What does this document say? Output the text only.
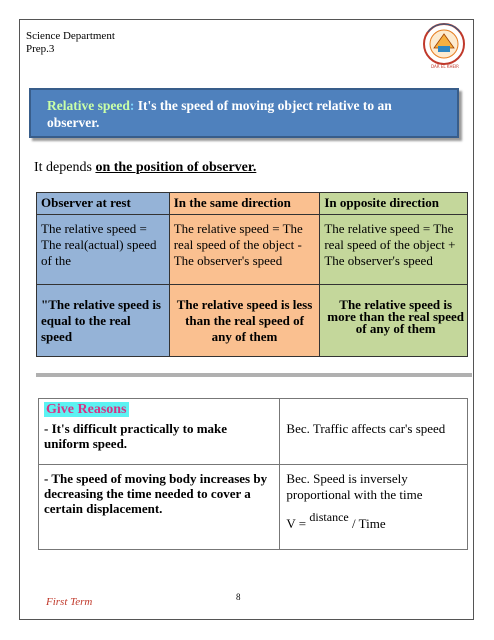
Science Department
Prep.3
DAR EL KHEIR
Relative speed: It's the speed of moving object relative to an observer.
It depends on the position of observer.
Observer at rest	In the same direction	In opposite direction
The relative speed = The real(actual) speed of the	The relative speed = The real speed of the object - The observer's speed	The relative speed = The real speed of the object + The observer's speed
"The relative speed is equal to the real speed	The relative speed is less than the real speed of any of them	The relative speed is more than the real speed of any of them
Give Reasons
- It's difficult practically to make uniform speed.	Bec. Traffic affects car's speed

- The speed of moving body increases by decreasing the time needed to cover a certain displacement.	Bec. Speed is inversely proportional with the time
V = $^{distance}$ / Time
8
First Term
